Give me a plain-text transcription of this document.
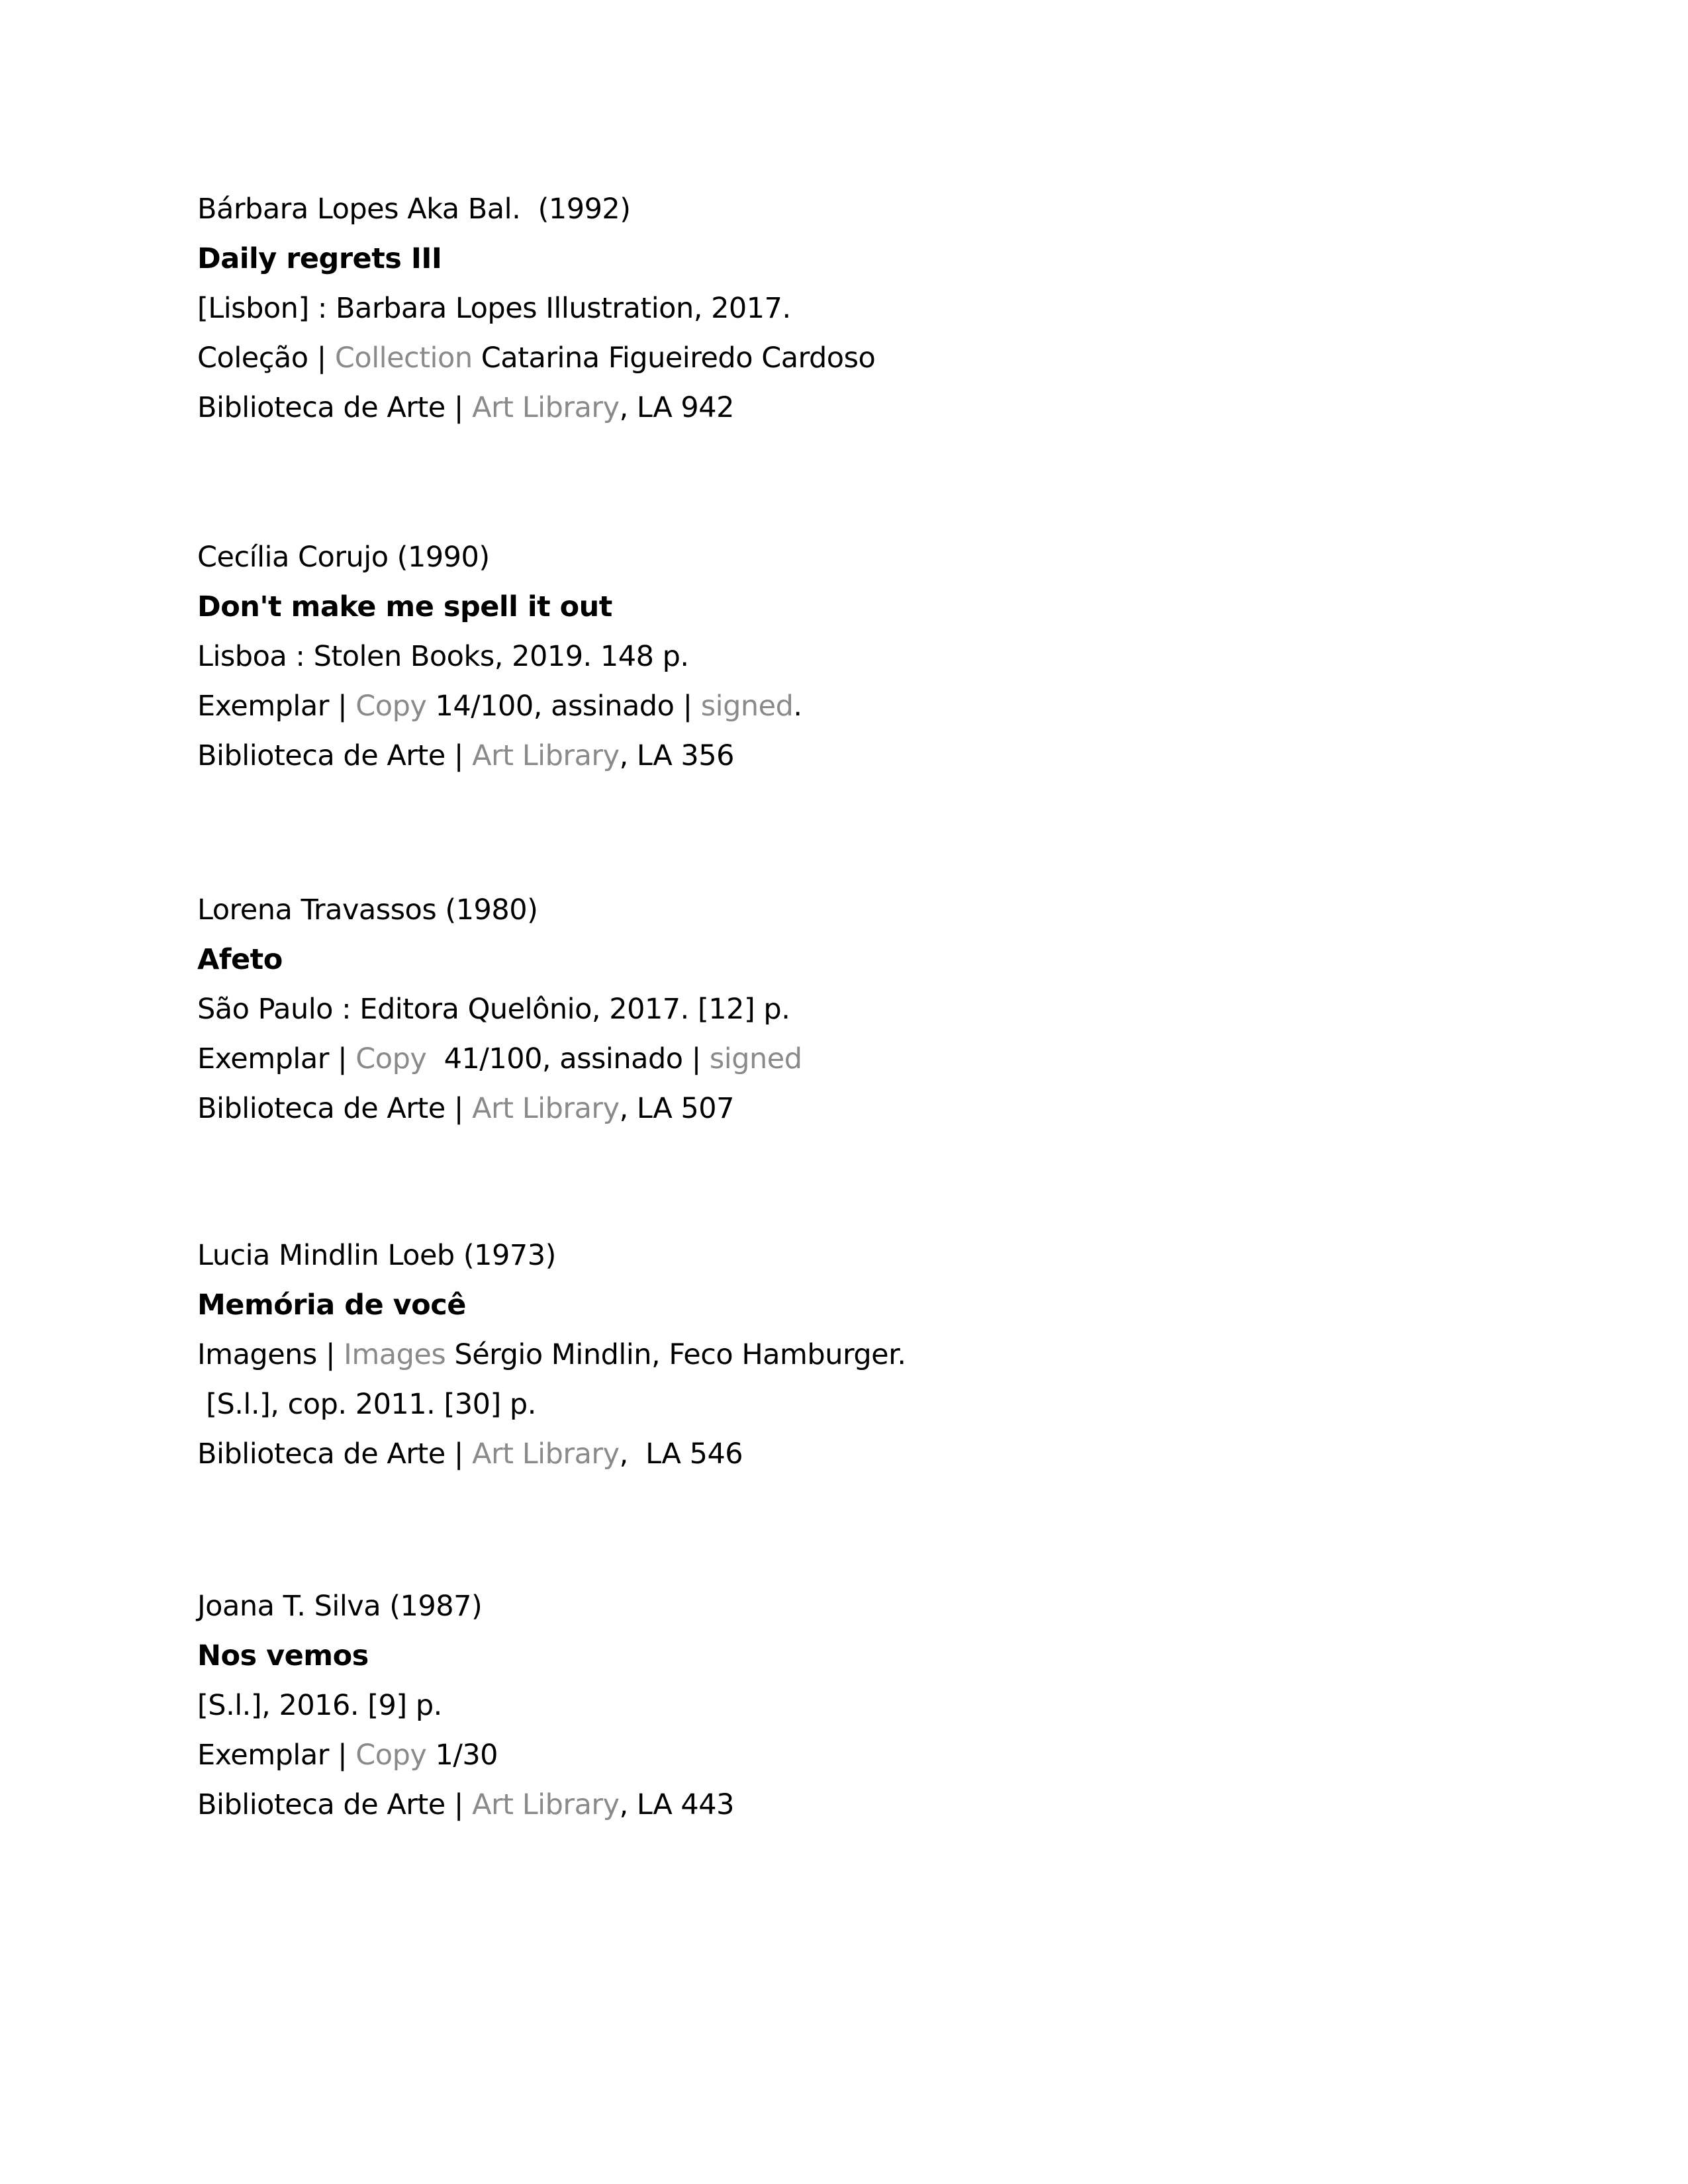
Bárbara Lopes Aka Bal.  (1992)
Daily regrets III
[Lisbon] : Barbara Lopes Illustration, 2017.
Coleção | Collection Catarina Figueiredo Cardoso
Biblioteca de Arte | Art Library, LA 942
Cecília Corujo (1990)
Don't make me spell it out
Lisboa : Stolen Books, 2019. 148 p.
Exemplar | Copy 14/100, assinado | signed.
Biblioteca de Arte | Art Library, LA 356
Lorena Travassos (1980)
Afeto
São Paulo : Editora Quelônio, 2017. [12] p.
Exemplar | Copy  41/100, assinado | signed
Biblioteca de Arte | Art Library, LA 507
Lucia Mindlin Loeb (1973)
Memória de você
Imagens | Images Sérgio Mindlin, Feco Hamburger.
[S.l.], cop. 2011. [30] p.
Biblioteca de Arte | Art Library,  LA 546
Joana T. Silva (1987)
Nos vemos
[S.l.], 2016. [9] p.
Exemplar | Copy 1/30
Biblioteca de Arte | Art Library, LA 443
